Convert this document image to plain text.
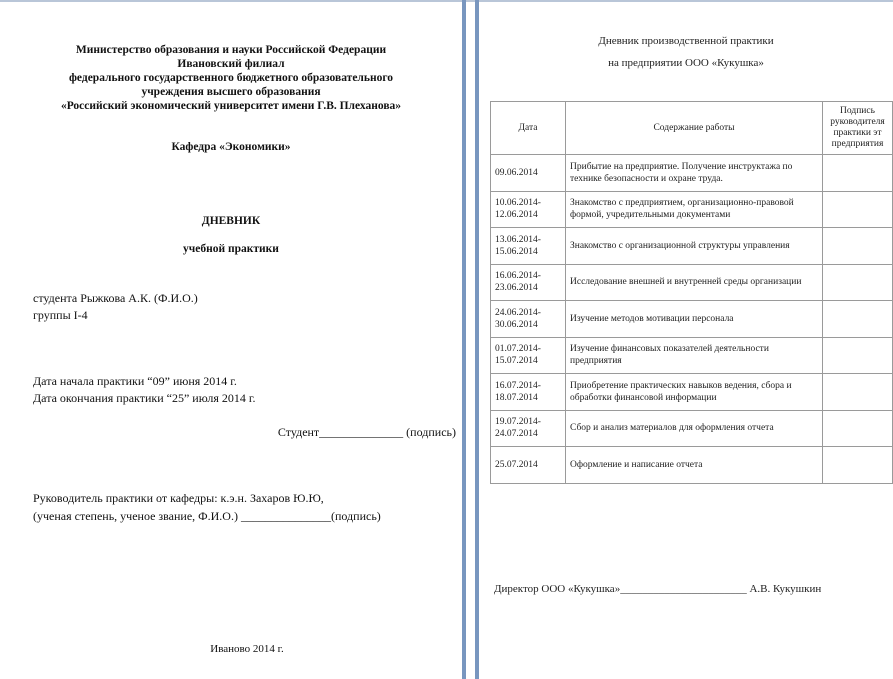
Министерство образования и науки Российской Федерации
Ивановский филиал
федерального государственного бюджетного образовательного
учреждения высшего образования
«Российский экономический университет имени Г.В. Плеханова»
Кафедра «Экономики»
ДНЕВНИК
учебной практики
студента Рыжкова А.К. (Ф.И.О.)
группы I-4
Дата начала практики “09” июня 2014 г.
Дата окончания практики “25” июля 2014 г.
Студент______________ (подпись)
Руководитель практики от кафедры: к.э.н. Захаров Ю.Ю,
(ученая степень, ученое звание, Ф.И.О.) _______________(подпись)
Иваново 2014 г.
Дневник производственной практики
на предприятии ООО «Кукушка»
Дата	Содержание работы	Подпись руководителя практики эт предприятия
09.06.2014	Прибытие на предприятие. Получение инструктажа по технике безопасности и охране труда.	
10.06.2014- 12.06.2014	Знакомство с предприятием, организационно-правовой формой, учредительными документами	
13.06.2014- 15.06.2014	Знакомство с организационной структуры управления	
16.06.2014- 23.06.2014	Исследование внешней и внутренней среды организации	
24.06.2014- 30.06.2014	Изучение методов мотивации персонала	
01.07.2014- 15.07.2014	Изучение финансовых показателей деятельности предприятия	
16.07.2014- 18.07.2014	Приобретение практических навыков ведения, сбора и обработки финансовой информации	
19.07.2014- 24.07.2014	Сбор и анализ материалов для оформления отчета	
25.07.2014	Оформление и написание отчета	
Директор ООО «Кукушка»_______________________ А.В. Кукушкин
